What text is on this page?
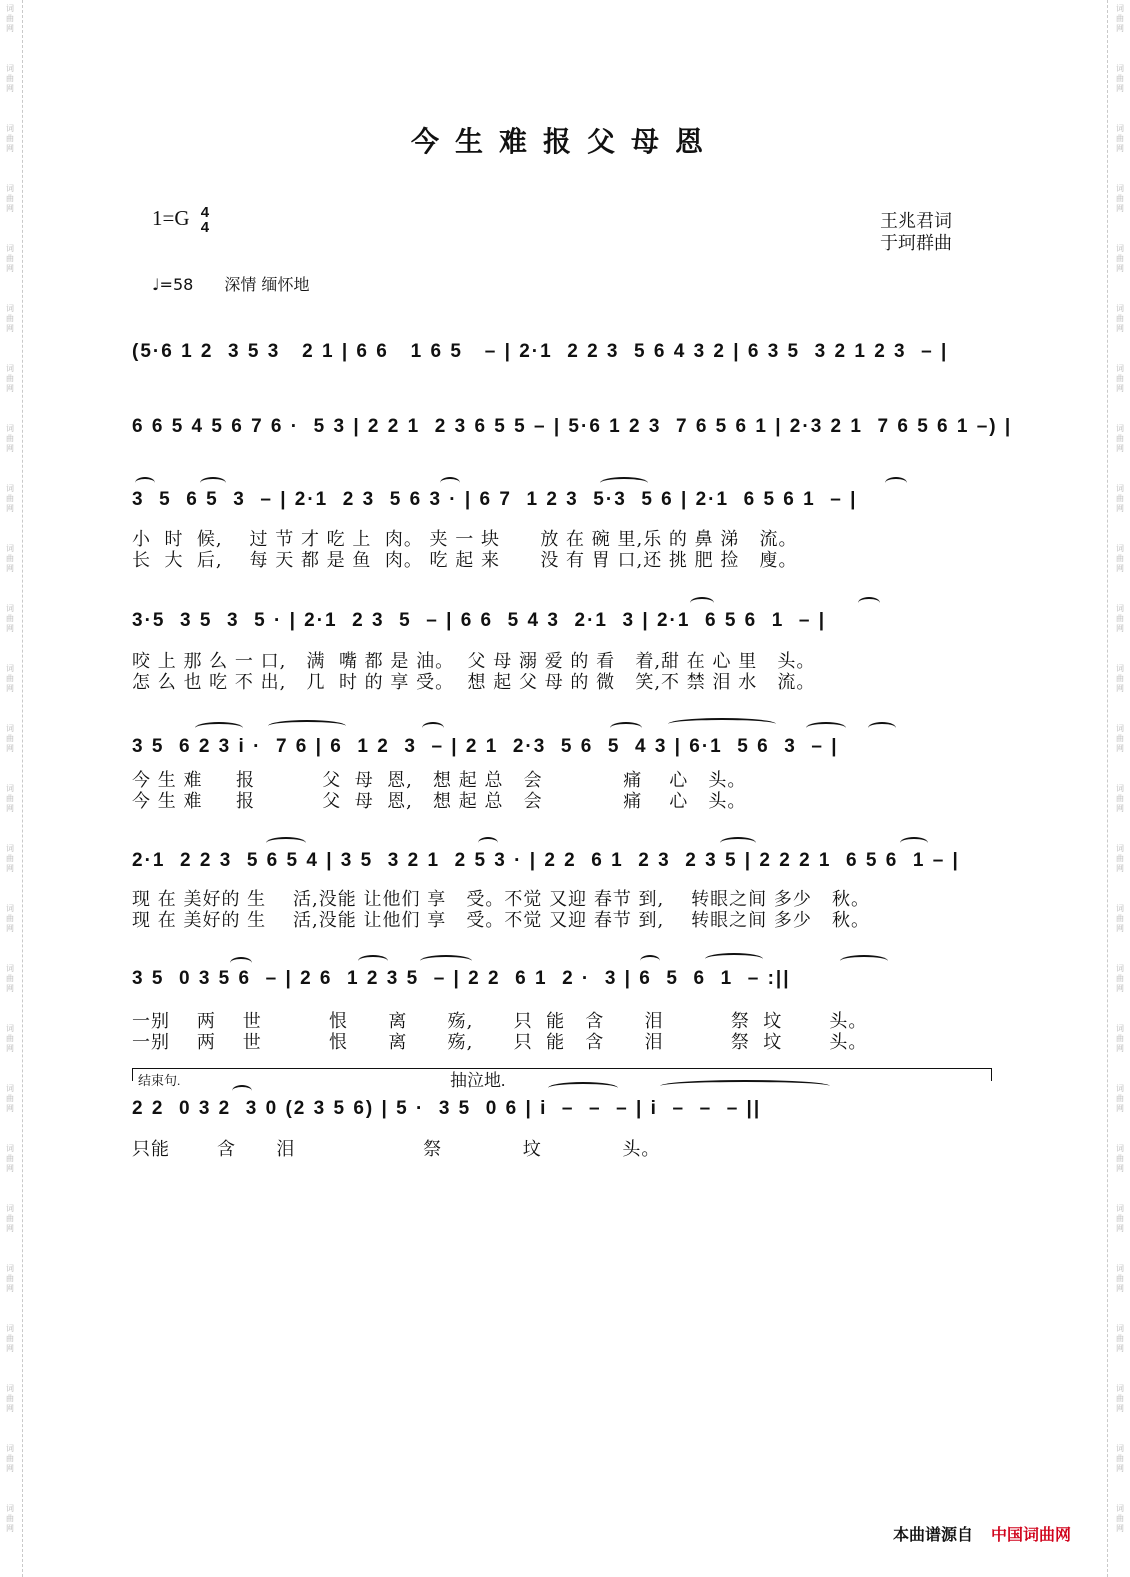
词
曲
网
词
曲
网
词
曲
网
词
曲
网
词
曲
网
词
曲
网
词
曲
网
词
曲
网
词
曲
网
词
曲
网
词
曲
网
词
曲
网
词
曲
网
词
曲
网
词
曲
网
词
曲
网
词
曲
网
词
曲
网
词
曲
网
词
曲
网
词
曲
网
词
曲
网
词
曲
网
词
曲
网
词
曲
网
词
曲
网
词
曲
网
词
曲
网
词
曲
网
词
曲
网
词
曲
网
词
曲
网
词
曲
网
词
曲
网
词
曲
网
词
曲
网
词
曲
网
词
曲
网
词
曲
网
词
曲
网
词
曲
网
词
曲
网
词
曲
网
词
曲
网
词
曲
网
词
曲
网
词
曲
网
词
曲
网
词
曲
网
词
曲
网
词
曲
网
词
曲
网
今生难报父母恩
1=G 4
4	王兆君词
于珂群曲
♩=58 深情 缅怀地
(5·6 1 2  3 5 3   2 1 | 6 6   1 6 5   – | 2·1  2 2 3  5 6 4 3 2 | 6 3 5  3 2 1 2 3  – |
6 6 5 4 5 6 7 6 ·  5 3 | 2 2 1  2 3 6 5 5 – | 5·6 1 2 3  7 6 5 6 1 | 2·3 2 1  7 6 5 6 1 –) |
3  5  6 5  3  – | 2·1  2 3  5 6 3 · | 6 7  1 2 3  5·3  5 6 | 2·1  6 5 6 1  – |
3·5  3 5  3  5 · | 2·1  2 3  5  – | 6 6  5 4 3  2·1  3 | 2·1  6 5 6  1  – |
3 5  6 2 3 i ·  7 6 | 6  1 2  3  – | 2 1  2·3  5 6  5  4 3 | 6·1  5 6  3  – |
2·1  2 2 3  5 6 5 4 | 3 5  3 2 1  2 5 3 · | 2 2  6 1  2 3  2 3 5 | 2 2 2 1  6 5 6  1 – |
3 5  0 3 5 6  – | 2 6  1 2 3 5  – | 2 2  6 1  2 ·  3 | 6  5  6  1  – :||
2 2  0 3 2  3 0 (2 3 5 6) | 5 ·  3 5  0 6 | i  –  –  – | i  –  –  – ||
小  时  候,    过 节 才 吃 上  肉。 夹 一 块      放 在 碗 里,乐 的 鼻 涕   流。
长  大  后,    每 天 都 是 鱼  肉。 吃 起 来      没 有 胃 口,还 挑 肥 捡   廋。
咬 上 那 么 一 口,   满  嘴 都 是 油。  父 母 溺 爱 的 看   着,甜 在 心 里   头。
怎 么 也 吃 不 出,   几  时 的 享 受。  想 起 父 母 的 微   笑,不 禁 泪 水   流。
今 生 难     报          父  母  恩,   想 起 总   会            痛    心   头。
今 生 难     报          父  母  恩,   想 起 总   会            痛    心   头。
现 在 美好的 生    活,没能 让他们 享   受。不觉 又迎 春节 到,    转眼之间 多少   秋。
现 在 美好的 生    活,没能 让他们 享   受。不觉 又迎 春节 到,    转眼之间 多少   秋。
一别    两    世          恨      离      殇,      只  能   含      泪          祭  坟       头。
一别    两    世          恨      离      殇,      只  能   含      泪          祭  坟       头。
只能       含      泪                   祭            坟            头。
结束句.	抽泣地.
本曲谱源自 中国词曲网
